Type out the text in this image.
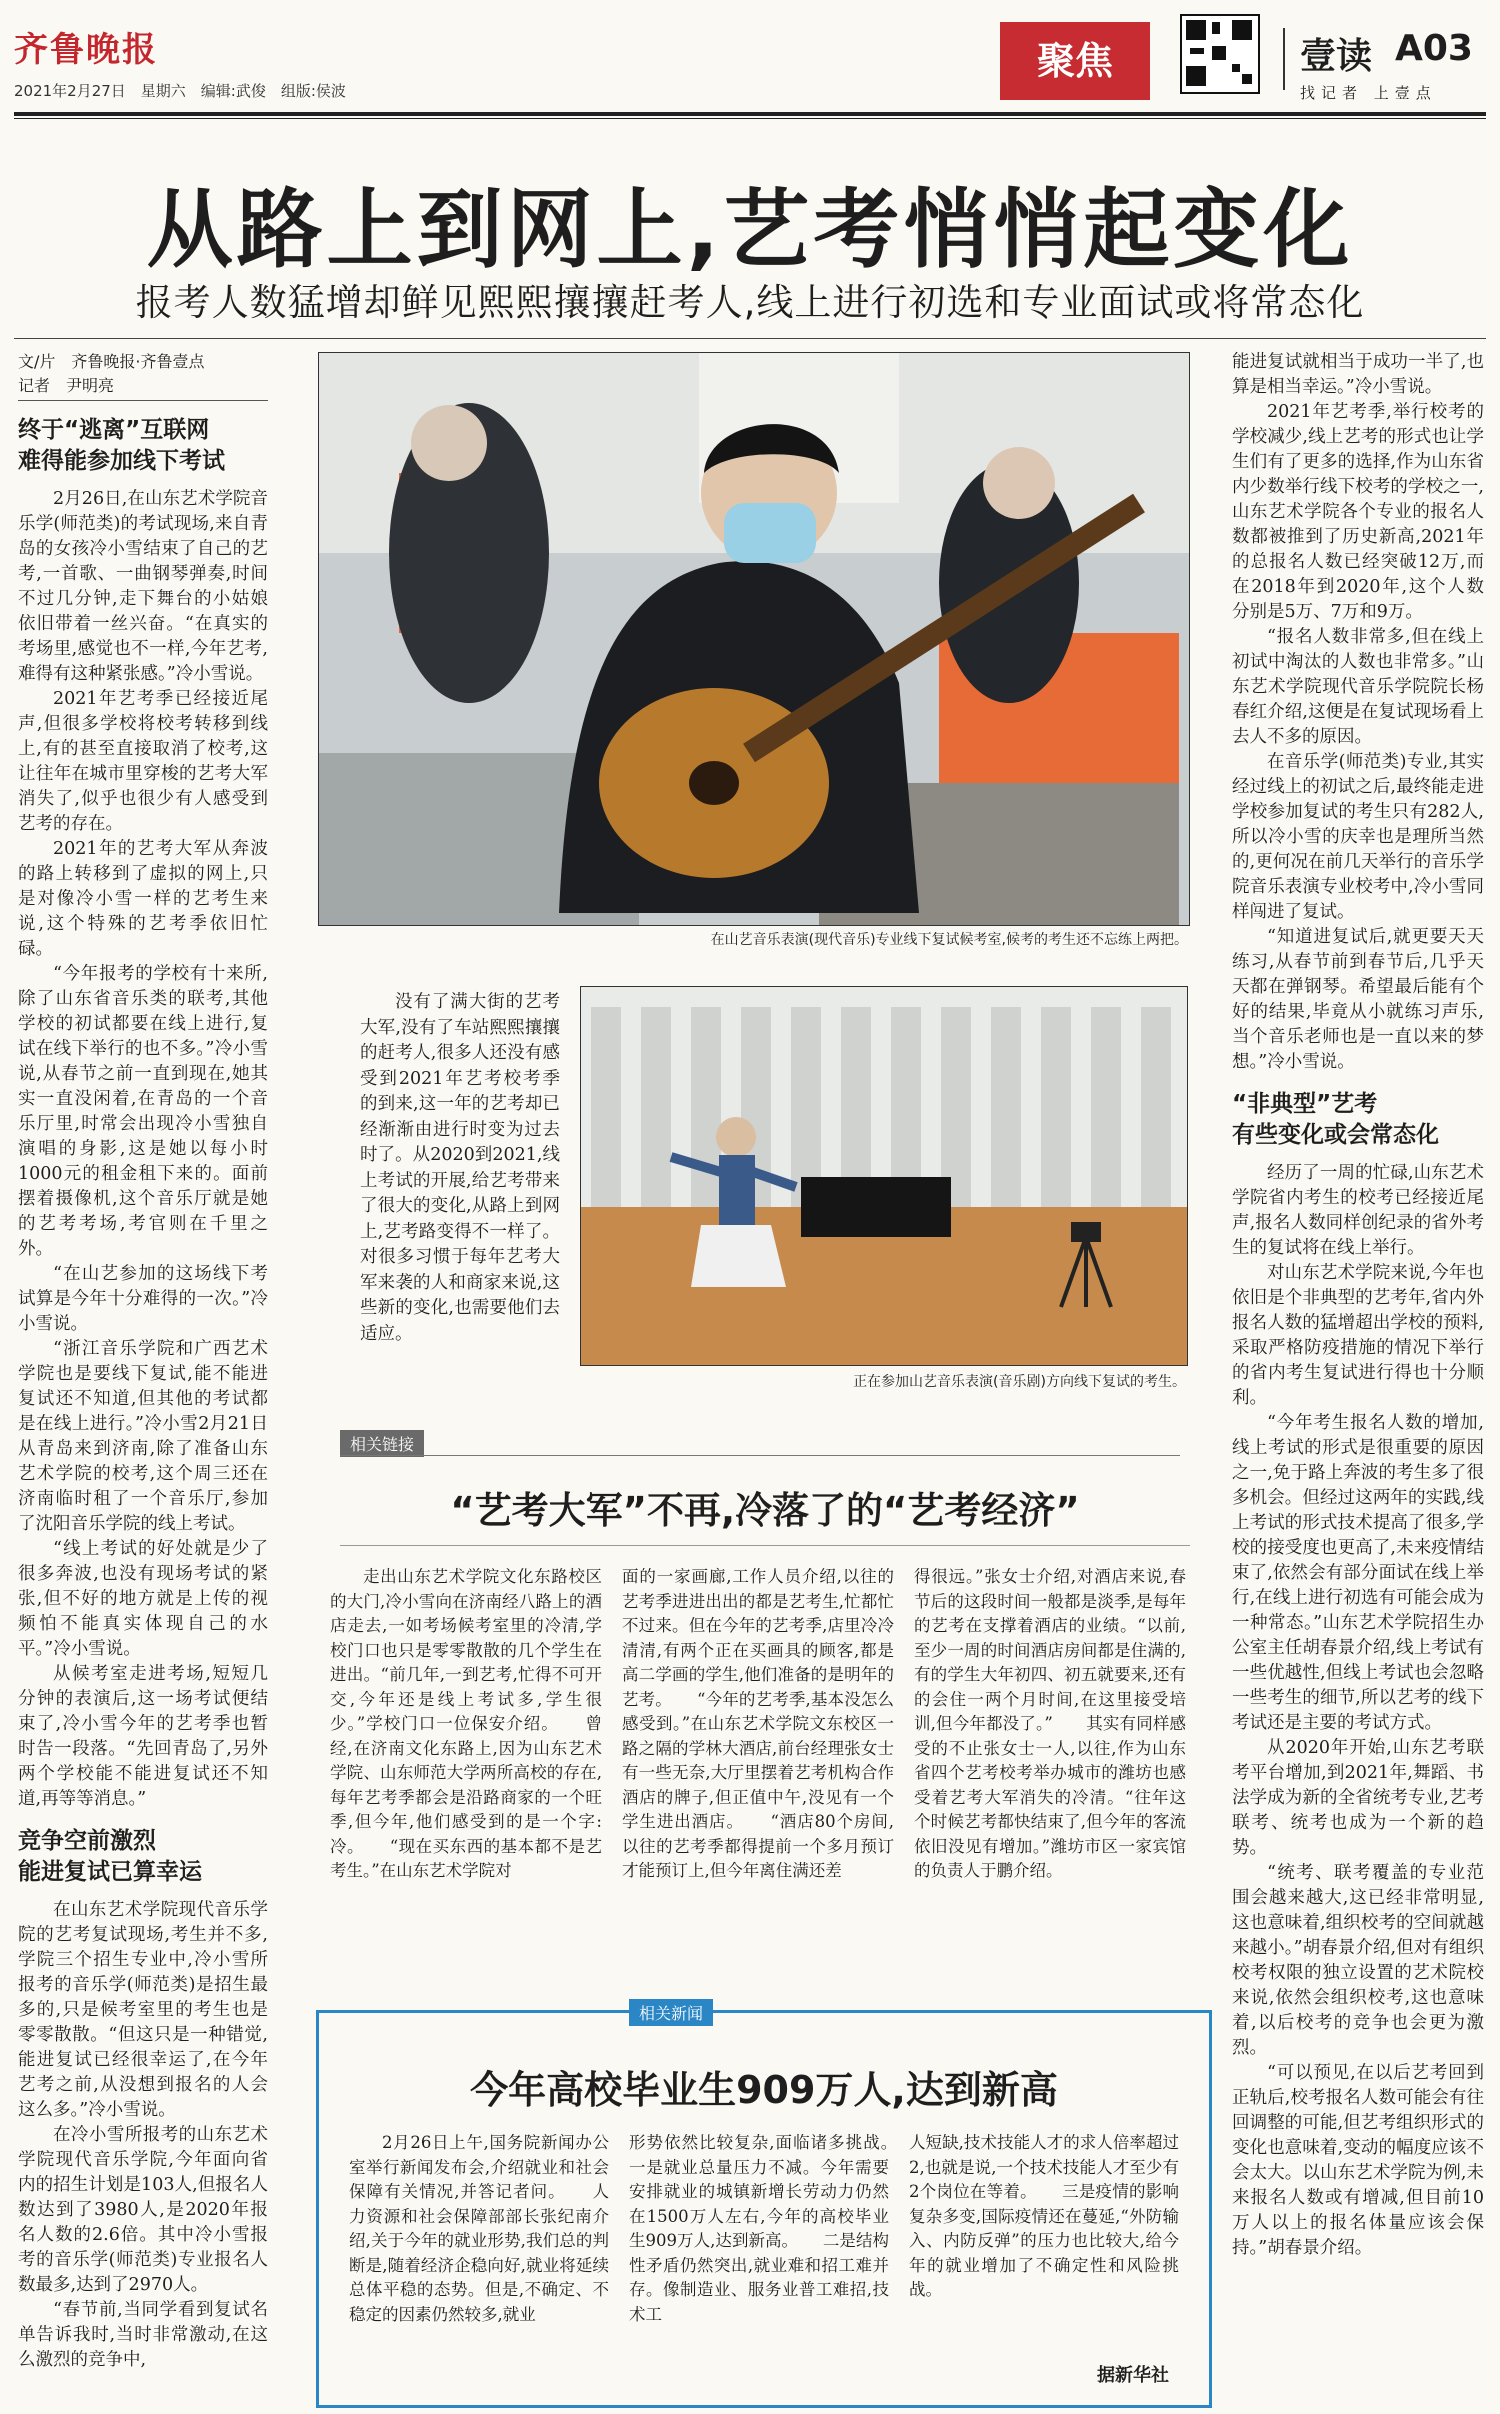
齐鲁晚报
2021年2月27日　星期六　编辑:武俊　组版:侯波
聚焦	壹读 A03
找记者 上壹点
从路上到网上,艺考悄悄起变化
报考人数猛增却鲜见熙熙攘攘赶考人,线上进行初选和专业面试或将常态化
文/片　齐鲁晚报·齐鲁壹点
记者　尹明亮
终于“逃离”互联网
难得能参加线下考试

2月26日,在山东艺术学院音乐学(师范类)的考试现场,来自青岛的女孩冷小雪结束了自己的艺考,一首歌、一曲钢琴弹奏,时间不过几分钟,走下舞台的小姑娘依旧带着一丝兴奋。“在真实的考场里,感觉也不一样,今年艺考,难得有这种紧张感。”冷小雪说。

2021年艺考季已经接近尾声,但很多学校将校考转移到线上,有的甚至直接取消了校考,这让往年在城市里穿梭的艺考大军消失了,似乎也很少有人感受到艺考的存在。

2021年的艺考大军从奔波的路上转移到了虚拟的网上,只是对像冷小雪一样的艺考生来说,这个特殊的艺考季依旧忙碌。

“今年报考的学校有十来所,除了山东省音乐类的联考,其他学校的初试都要在线上进行,复试在线下举行的也不多。”冷小雪说,从春节之前一直到现在,她其实一直没闲着,在青岛的一个音乐厅里,时常会出现冷小雪独自演唱的身影,这是她以每小时1000元的租金租下来的。面前摆着摄像机,这个音乐厅就是她的艺考考场,考官则在千里之外。

“在山艺参加的这场线下考试算是今年十分难得的一次。”冷小雪说。

“浙江音乐学院和广西艺术学院也是要线下复试,能不能进复试还不知道,但其他的考试都是在线上进行。”冷小雪2月21日从青岛来到济南,除了准备山东艺术学院的校考,这个周三还在济南临时租了一个音乐厅,参加了沈阳音乐学院的线上考试。

“线上考试的好处就是少了很多奔波,也没有现场考试的紧张,但不好的地方就是上传的视频怕不能真实体现自己的水平。”冷小雪说。

从候考室走进考场,短短几分钟的表演后,这一场考试便结束了,冷小雪今年的艺考季也暂时告一段落。“先回青岛了,另外两个学校能不能进复试还不知道,再等等消息。”

竞争空前激烈
能进复试已算幸运

在山东艺术学院现代音乐学院的艺考复试现场,考生并不多,学院三个招生专业中,冷小雪所报考的音乐学(师范类)是招生最多的,只是候考室里的考生也是零零散散。“但这只是一种错觉,能进复试已经很幸运了,在今年艺考之前,从没想到报名的人会这么多。”冷小雪说。

在冷小雪所报考的山东艺术学院现代音乐学院,今年面向省内的招生计划是103人,但报名人数达到了3980人,是2020年报名人数的2.6倍。其中冷小雪报考的音乐学(师范类)专业报名人数最多,达到了2970人。

“春节前,当同学看到复试名单告诉我时,当时非常激动,在这么激烈的竞争中,

在山艺音乐表演(现代音乐)专业线下复试候考室,候考的考生还不忘练上两把。

没有了满大街的艺考大军,没有了车站熙熙攘攘的赶考人,很多人还没有感受到2021年艺考校考季的到来,这一年的艺考却已经渐渐由进行时变为过去时了。从2020到2021,线上考试的开展,给艺考带来了很大的变化,从路上到网上,艺考路变得不一样了。对很多习惯于每年艺考大军来袭的人和商家来说,这些新的变化,也需要他们去适应。

正在参加山艺音乐表演(音乐剧)方向线下复试的考生。

能进复试就相当于成功一半了,也算是相当幸运。”冷小雪说。

2021年艺考季,举行校考的学校减少,线上艺考的形式也让学生们有了更多的选择,作为山东省内少数举行线下校考的学校之一,山东艺术学院各个专业的报名人数都被推到了历史新高,2021年的总报名人数已经突破12万,而在2018年到2020年,这个人数分别是5万、7万和9万。

“报名人数非常多,但在线上初试中淘汰的人数也非常多。”山东艺术学院现代音乐学院院长杨春红介绍,这便是在复试现场看上去人不多的原因。

在音乐学(师范类)专业,其实经过线上的初试之后,最终能走进学校参加复试的考生只有282人,所以冷小雪的庆幸也是理所当然的,更何况在前几天举行的音乐学院音乐表演专业校考中,冷小雪同样闯进了复试。

“知道进复试后,就更要天天练习,从春节前到春节后,几乎天天都在弹钢琴。希望最后能有个好的结果,毕竟从小就练习声乐,当个音乐老师也是一直以来的梦想。”冷小雪说。

“非典型”艺考
有些变化或会常态化

经历了一周的忙碌,山东艺术学院省内考生的校考已经接近尾声,报名人数同样创纪录的省外考生的复试将在线上举行。

对山东艺术学院来说,今年也依旧是个非典型的艺考年,省内外报名人数的猛增超出学校的预料,采取严格防疫措施的情况下举行的省内考生复试进行得也十分顺利。

“今年考生报名人数的增加,线上考试的形式是很重要的原因之一,免于路上奔波的考生多了很多机会。但经过这两年的实践,线上考试的形式技术提高了很多,学校的接受度也更高了,未来疫情结束了,依然会有部分面试在线上举行,在线上进行初选有可能会成为一种常态。”山东艺术学院招生办公室主任胡春景介绍,线上考试有一些优越性,但线上考试也会忽略一些考生的细节,所以艺考的线下考试还是主要的考试方式。

从2020年开始,山东艺考联考平台增加,到2021年,舞蹈、书法学成为新的全省统考专业,艺考联考、统考也成为一个新的趋势。

“统考、联考覆盖的专业范围会越来越大,这已经非常明显,这也意味着,组织校考的空间就越来越小。”胡春景介绍,但对有组织校考权限的独立设置的艺术院校来说,依然会组织校考,这也意味着,以后校考的竞争也会更为激烈。

“可以预见,在以后艺考回到正轨后,校考报名人数可能会有往回调整的可能,但艺考组织形式的变化也意味着,变动的幅度应该不会太大。以山东艺术学院为例,未来报名人数或有增减,但目前10万人以上的报名体量应该会保持。”胡春景介绍。

相关链接
“艺考大军”不再,冷落了的“艺考经济”

走出山东艺术学院文化东路校区的大门,冷小雪向在济南经八路上的酒店走去,一如考场候考室里的冷清,学校门口也只是零零散散的几个学生在进出。“前几年,一到艺考,忙得不可开交,今年还是线上考试多,学生很少。”学校门口一位保安介绍。　　曾经,在济南文化东路上,因为山东艺术学院、山东师范大学两所高校的存在,每年艺考季都会是沿路商家的一个旺季,但今年,他们感受到的是一个字:冷。　　“现在买东西的基本都不是艺考生。”在山东艺术学院对

面的一家画廊,工作人员介绍,以往的艺考季进进出出的都是艺考生,忙都忙不过来。但在今年的艺考季,店里冷冷清清,有两个正在买画具的顾客,都是高二学画的学生,他们准备的是明年的艺考。　　“今年的艺考季,基本没怎么感受到。”在山东艺术学院文东校区一路之隔的学林大酒店,前台经理张女士有一些无奈,大厅里摆着艺考机构合作酒店的牌子,但正值中午,没见有一个学生进出酒店。　　“酒店80个房间,以往的艺考季都得提前一个多月预订才能预订上,但今年离住满还差

得很远。”张女士介绍,对酒店来说,春节后的这段时间一般都是淡季,是每年的艺考在支撑着酒店的业绩。“以前,至少一周的时间酒店房间都是住满的,有的学生大年初四、初五就要来,还有的会住一两个月时间,在这里接受培训,但今年都没了。”　　其实有同样感受的不止张女士一人,以往,作为山东省四个艺考校考举办城市的潍坊也感受着艺考大军消失的冷清。“往年这个时候艺考都快结束了,但今年的客流依旧没见有增加。”潍坊市区一家宾馆的负责人于鹏介绍。

相关新闻
今年高校毕业生909万人,达到新高

2月26日上午,国务院新闻办公室举行新闻发布会,介绍就业和社会保障有关情况,并答记者问。　　人力资源和社会保障部部长张纪南介绍,关于今年的就业形势,我们总的判断是,随着经济企稳向好,就业将延续总体平稳的态势。但是,不确定、不稳定的因素仍然较多,就业

形势依然比较复杂,面临诸多挑战。　　一是就业总量压力不减。今年需要安排就业的城镇新增长劳动力仍然在1500万人左右,今年的高校毕业生909万人,达到新高。　　二是结构性矛盾仍然突出,就业难和招工难并存。像制造业、服务业普工难招,技术工

人短缺,技术技能人才的求人倍率超过2,也就是说,一个技术技能人才至少有2个岗位在等着。　　三是疫情的影响复杂多变,国际疫情还在蔓延,“外防输入、内防反弹”的压力也比较大,给今年的就业增加了不确定性和风险挑战。

据新华社
